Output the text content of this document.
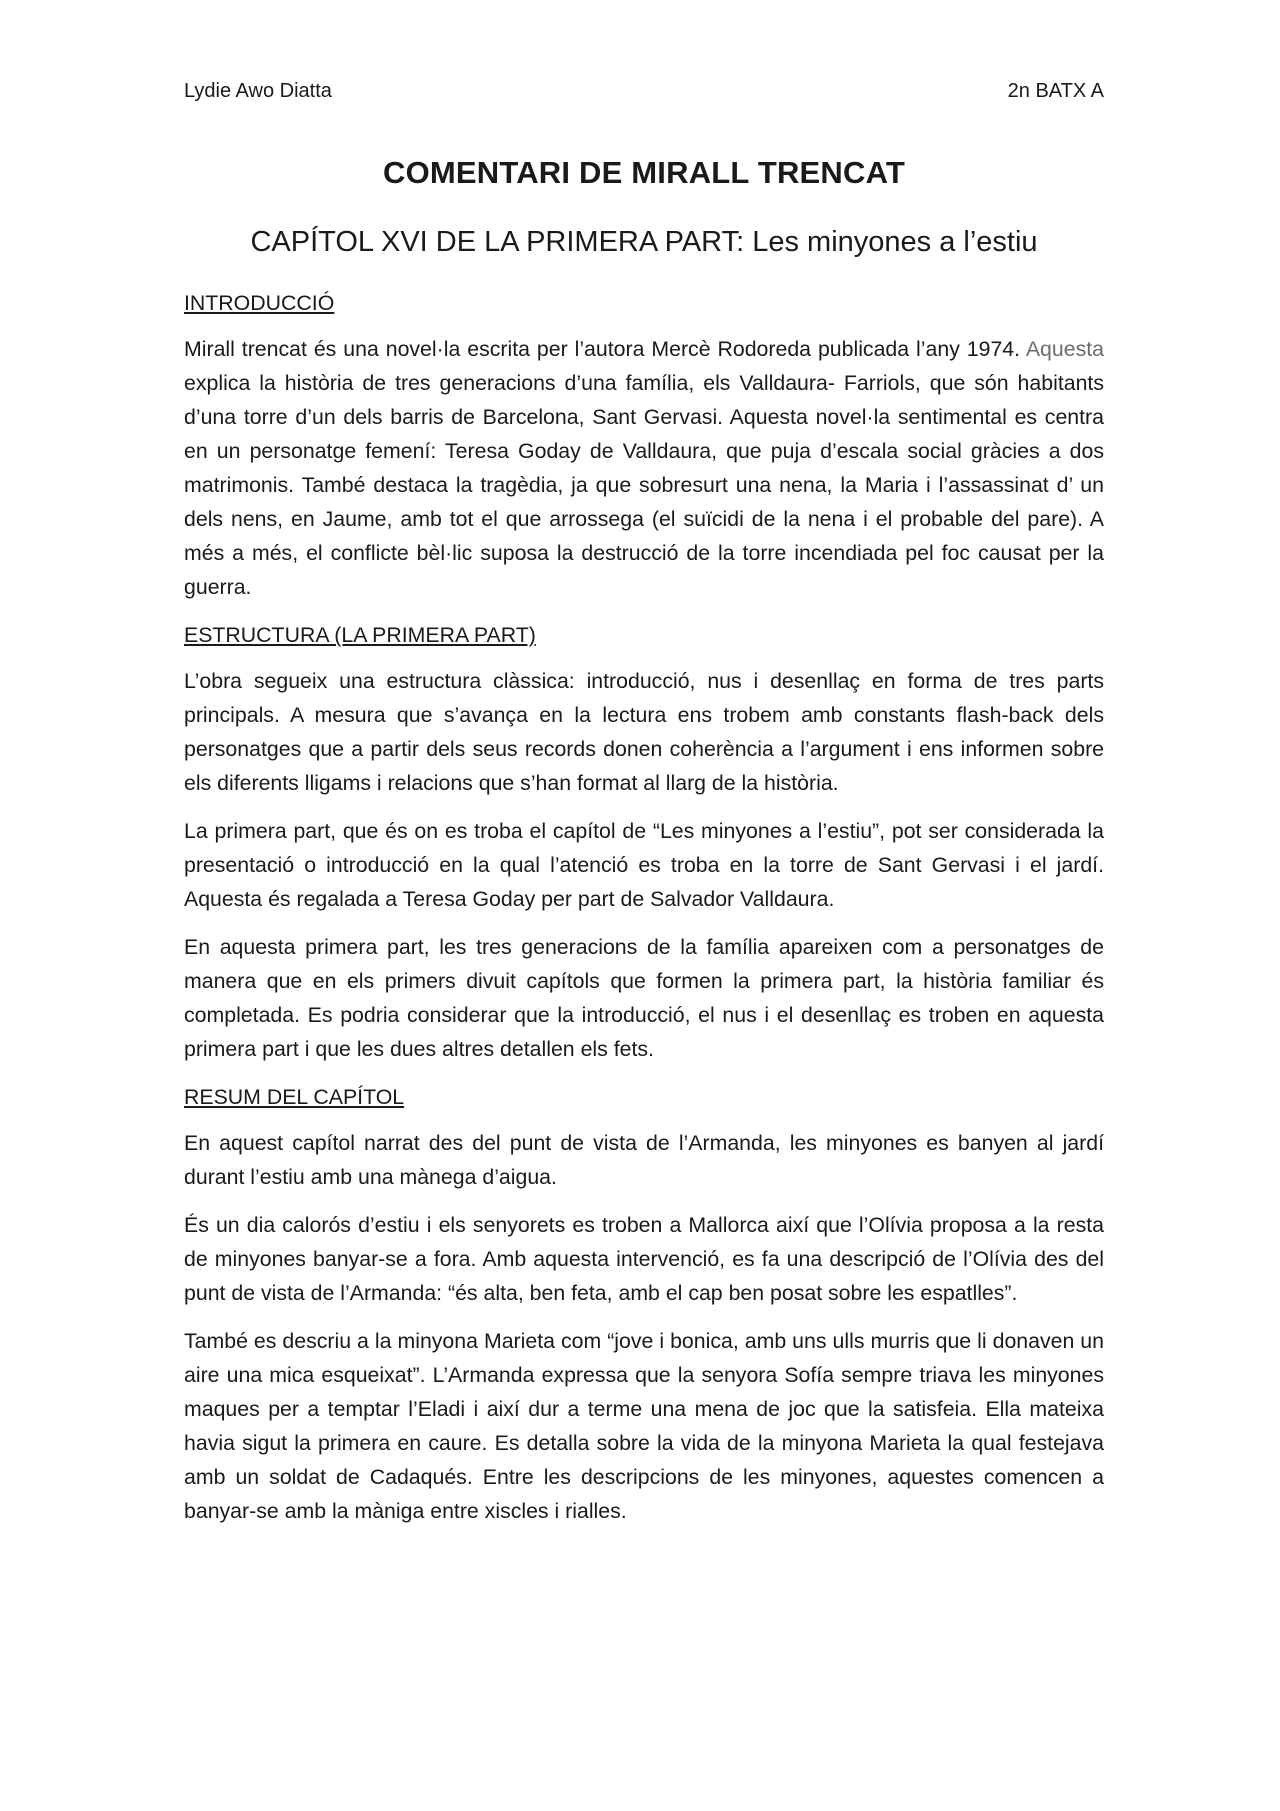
Lydie Awo Diatta	2n BATX A
COMENTARI DE MIRALL TRENCAT
CAPÍTOL XVI DE LA PRIMERA PART: Les minyones a l’estiu
INTRODUCCIÓ

Mirall trencat és una novel·la escrita per l’autora Mercè Rodoreda publicada l’any 1974. Aquesta explica la història de tres generacions d’una família, els Valldaura- Farriols, que són habitants d’una torre d’un dels barris de Barcelona, Sant Gervasi. Aquesta novel·la sentimental es centra en un personatge femení: Teresa Goday de Valldaura, que puja d’escala social gràcies a dos matrimonis. També destaca la tragèdia, ja que sobresurt una nena, la Maria i l’assassinat d’ un dels nens, en Jaume, amb tot el que arrossega (el suïcidi de la nena i el probable del pare). A més a més, el conflicte bèl·lic suposa la destrucció de la torre incendiada pel foc causat per la guerra.

ESTRUCTURA (LA PRIMERA PART)

L’obra segueix una estructura clàssica: introducció, nus i desenllaç en forma de tres parts principals. A mesura que s’avança en la lectura ens trobem amb constants flash-back dels personatges que a partir dels seus records donen coherència a l’argument i ens informen sobre els diferents lligams i relacions que s’han format al llarg de la història.

La primera part, que és on es troba el capítol de “Les minyones a l’estiu”, pot ser considerada la presentació o introducció en la qual l’atenció es troba en la torre de Sant Gervasi i el jardí. Aquesta és regalada a Teresa Goday per part de Salvador Valldaura.

En aquesta primera part, les tres generacions de la família apareixen com a personatges de manera que en els primers divuit capítols que formen la primera part, la història familiar és completada. Es podria considerar que la introducció, el nus i el desenllaç es troben en aquesta primera part i que les dues altres detallen els fets.

RESUM DEL CAPÍTOL

En aquest capítol narrat des del punt de vista de l’Armanda, les minyones es banyen al jardí durant l’estiu amb una mànega d’aigua.

És un dia calorós d’estiu i els senyorets es troben a Mallorca així que l’Olívia proposa a la resta de minyones banyar-se a fora. Amb aquesta intervenció, es fa una descripció de l’Olívia des del punt de vista de l’Armanda: “és alta, ben feta, amb el cap ben posat sobre les espatlles”.

També es descriu a la minyona Marieta com “jove i bonica, amb uns ulls murris que li donaven un aire una mica esqueixat”. L’Armanda expressa que la senyora Sofía sempre triava les minyones maques per a temptar l’Eladi i així dur a terme una mena de joc que la satisfeia. Ella mateixa havia sigut la primera en caure. Es detalla sobre la vida de la minyona Marieta la qual festejava amb un soldat de Cadaqués. Entre les descripcions de les minyones, aquestes comencen a banyar-se amb la màniga entre xiscles i rialles.
